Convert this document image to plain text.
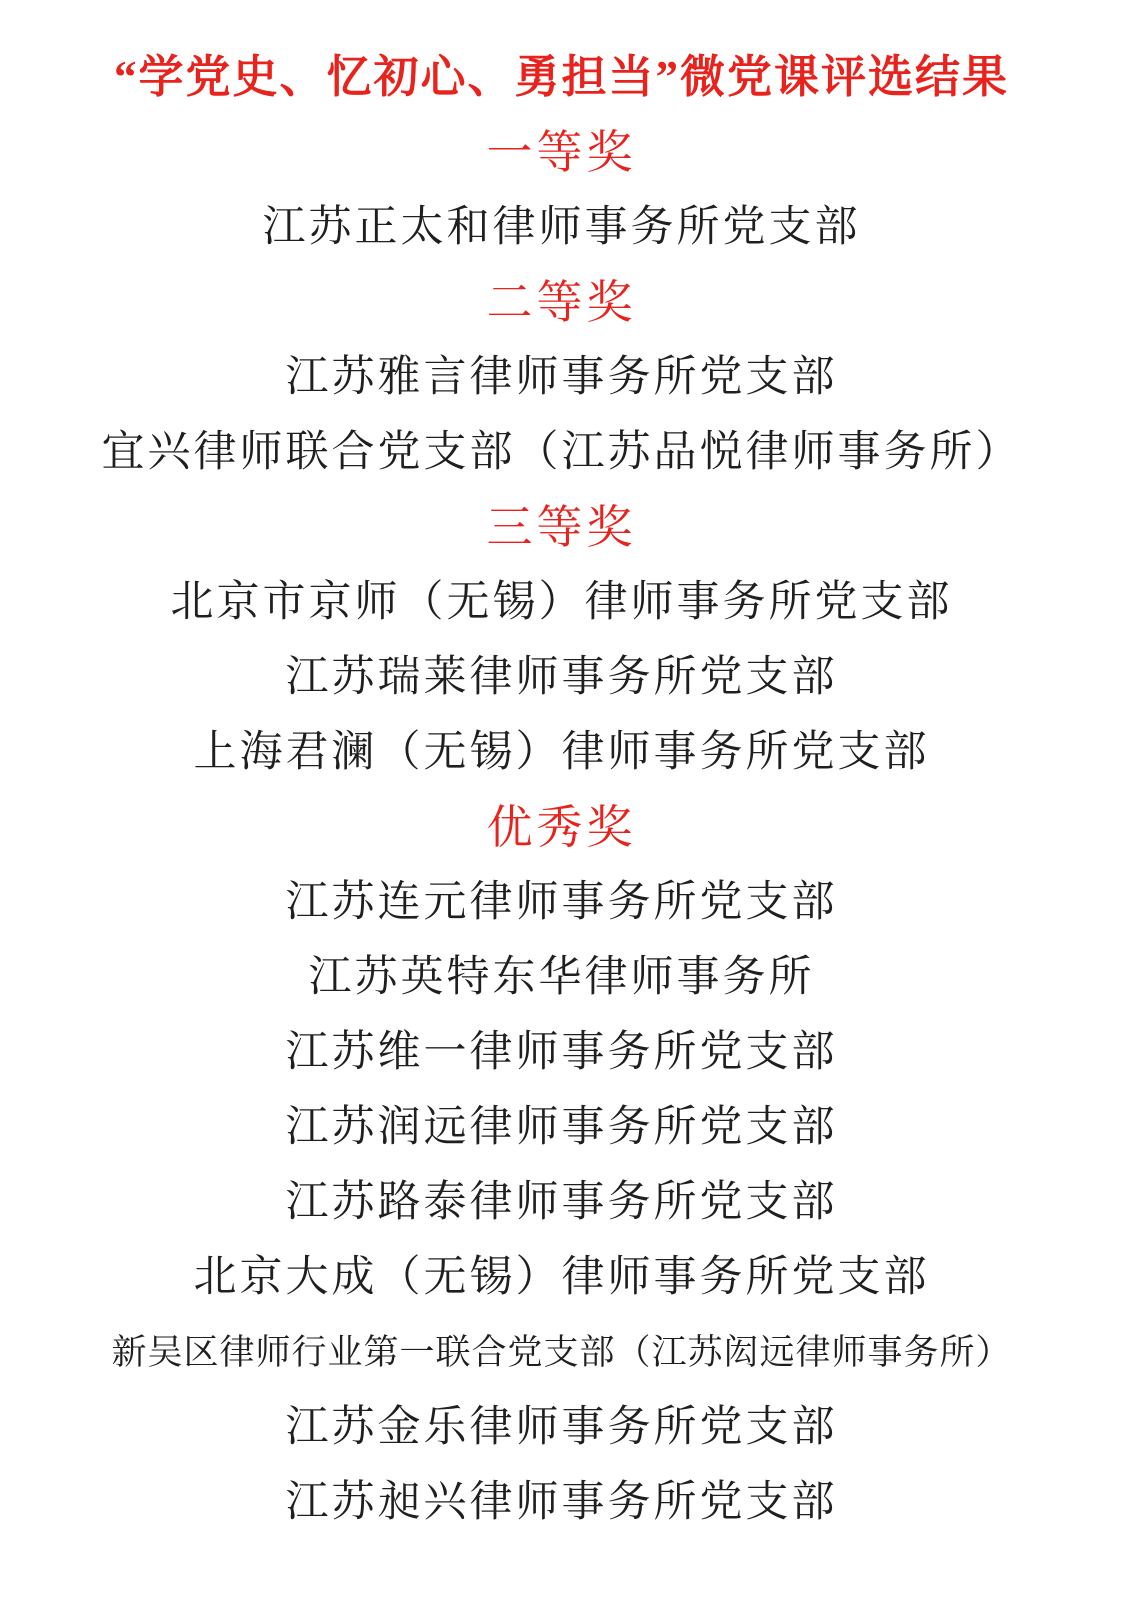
“学党史、忆初心、勇担当”微党课评选结果
一等奖
江苏正太和律师事务所党支部
二等奖
江苏雅言律师事务所党支部
宜兴律师联合党支部（江苏品悦律师事务所）
三等奖
北京市京师（无锡）律师事务所党支部
江苏瑞莱律师事务所党支部
上海君澜（无锡）律师事务所党支部
优秀奖
江苏连元律师事务所党支部
江苏英特东华律师事务所
江苏维一律师事务所党支部
江苏润远律师事务所党支部
江苏路泰律师事务所党支部
北京大成（无锡）律师事务所党支部
新吴区律师行业第一联合党支部（江苏闳远律师事务所）
江苏金乐律师事务所党支部
江苏昶兴律师事务所党支部
